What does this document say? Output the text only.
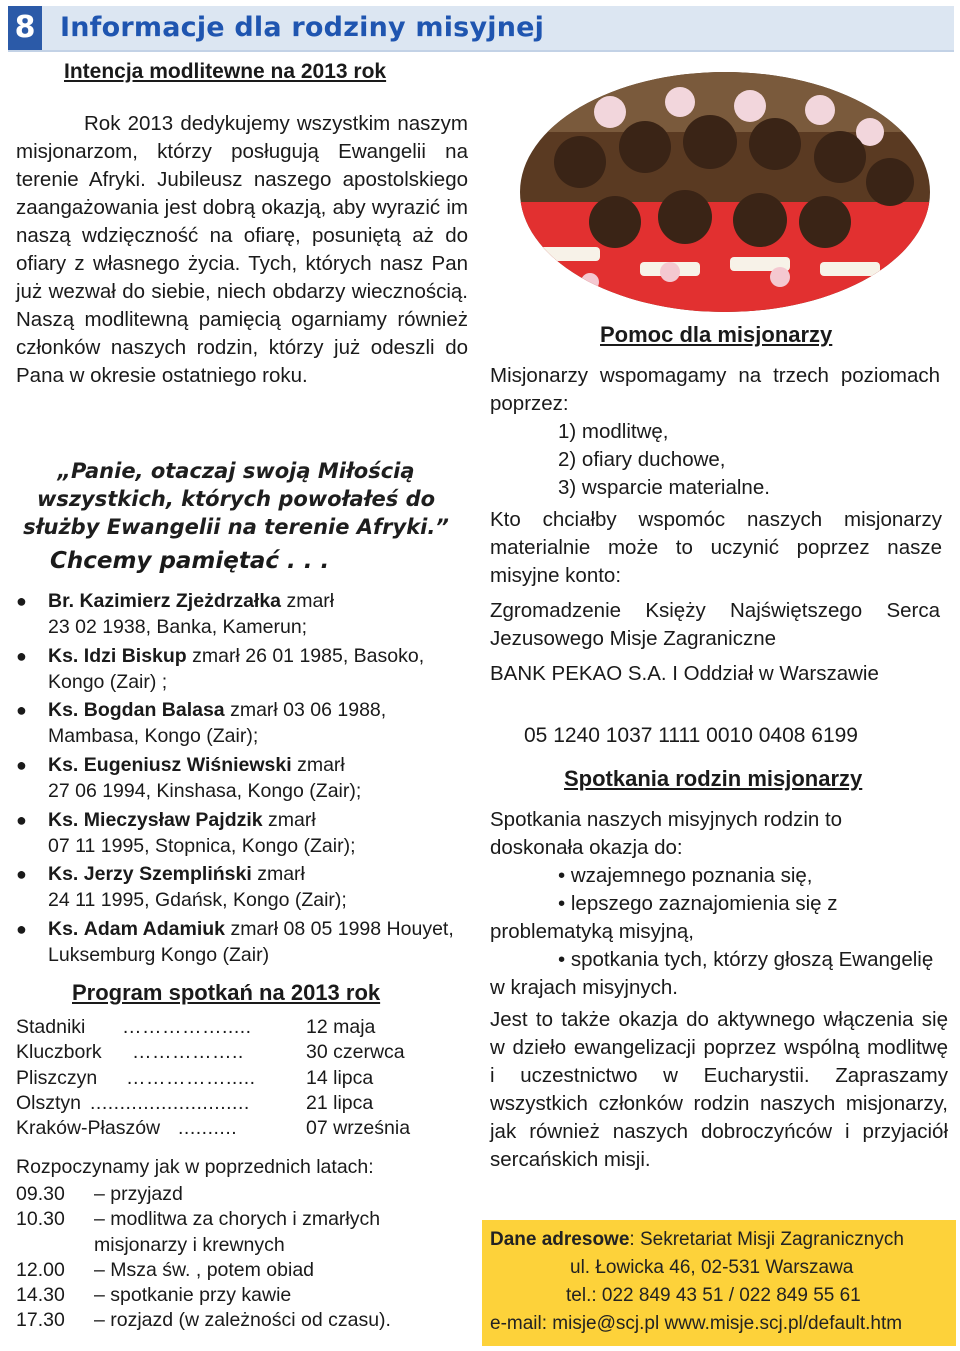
8 Informacje dla rodziny misyjnej
Intencja modlitewne na 2013 rok
Rok 2013 dedykujemy wszystkim naszym misjonarzom, którzy posługują Ewangelii na terenie Afryki. Jubileusz naszego apostolskiego zaangażowania jest dobrą okazją, aby wyrazić im naszą wdzięczność na ofiarę, posuniętą aż do ofiary z własnego życia. Tych, których nasz Pan już wezwał do siebie, niech obdarzy wiecznością. Naszą modlitewną pamięcią ogarniamy również członków naszych rodzin, którzy już odeszli do Pana w okresie ostatniego roku.
„Panie, otaczaj swoją Miłością wszystkich, których powołałeś do służby Ewangelii na terenie Afryki.”
Chcemy pamiętać . . .
● Br. Kazimierz Zjeżdrzałka zmarł
23 02 1938, Banka, Kamerun;
● Ks. Idzi Biskup zmarł 26 01 1985, Basoko, Kongo (Zair) ;
● Ks. Bogdan Balasa zmarł 03 06 1988, Mambasa, Kongo (Zair);
● Ks. Eugeniusz Wiśniewski zmarł
27 06 1994, Kinshasa, Kongo (Zair);
● Ks. Mieczysław Pajdzik zmarł
07 11 1995, Stopnica, Kongo (Zair);
● Ks. Jerzy Szempliński zmarł
24 11 1995, Gdańsk, Kongo (Zair);
● Ks. Adam Adamiuk zmarł 08 05 1998 Houyet, Luksemburg Kongo (Zair)
Program spotkań na 2013 rok
Stadniki …………….....	12 maja
Kluczbork ……………..	30 czerwca
Pliszczyn …………….....	14 lipca
Olsztyn ...........................	21 lipca
Kraków-Płaszów ..........	07 września
Rozpoczynamy jak w poprzednich latach:
09.30 – przyjazd
10.30 – modlitwa za chorych i zmarłych misjonarzy i krewnych
12.00 – Msza św. , potem obiad
14.30 – spotkanie przy kawie
17.30 – rozjazd (w zależności od czasu).
Pomoc dla misjonarzy
Misjonarzy wspomagamy na trzech poziomach poprzez:
1) modlitwę,
2) ofiary duchowe,
3) wsparcie materialne.
Kto chciałby wspomóc naszych misjonarzy materialnie może to uczynić poprzez nasze misyjne konto:
Zgromadzenie Księży Najświętszego Serca Jezusowego Misje Zagraniczne
BANK PEKAO S.A. I Oddział w Warszawie
05 1240 1037 1111 0010 0408 6199
Spotkania rodzin misjonarzy
Spotkania naszych misyjnych rodzin to doskonała okazja do:
• wzajemnego poznania się,
• lepszego zaznajomienia się z problematyką misyjną,
• spotkania tych, którzy głoszą Ewangelię w krajach misyjnych.
Jest to także okazja do aktywnego włączenia się w dzieło ewangelizacji poprzez wspólną modlitwę i uczestnictwo w Eucharystii. Zapraszamy wszystkich członków rodzin naszych misjonarzy, jak również naszych dobroczyńców i przyjaciół sercańskich misji.
Dane adresowe: Sekretariat Misji Zagranicznych
ul. Łowicka 46, 02-531 Warszawa
tel.: 022 849 43 51 / 022 849 55 61
e-mail: misje@scj.pl www.misje.scj.pl/default.htm
